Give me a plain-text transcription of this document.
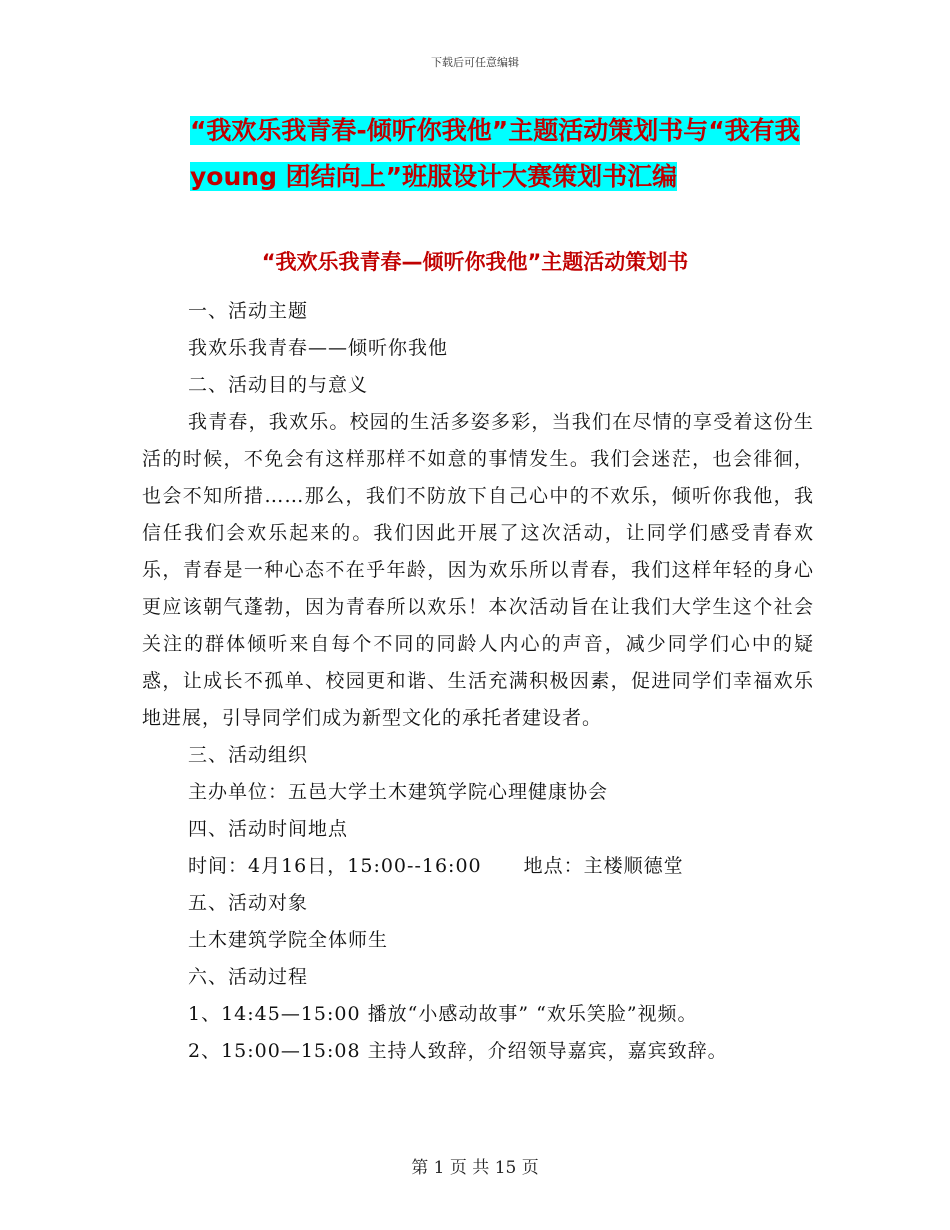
下载后可任意编辑
“我欢乐我青春-倾听你我他”主题活动策划书与“我有我young 团结向上”班服设计大赛策划书汇编
“我欢乐我青春—倾听你我他”主题活动策划书

一、活动主题

我欢乐我青春——倾听你我他

二、活动目的与意义

我青春，我欢乐。校园的生活多姿多彩，当我们在尽情的享受着这份生活的时候，不免会有这样那样不如意的事情发生。我们会迷茫，也会徘徊，也会不知所措……那么，我们不防放下自己心中的不欢乐，倾听你我他，我信任我们会欢乐起来的。我们因此开展了这次活动，让同学们感受青春欢乐，青春是一种心态不在乎年龄，因为欢乐所以青春，我们这样年轻的身心更应该朝气蓬勃，因为青春所以欢乐！本次活动旨在让我们大学生这个社会关注的群体倾听来自每个不同的同龄人内心的声音，减少同学们心中的疑惑，让成长不孤单、校园更和谐、生活充满积极因素，促进同学们幸福欢乐地进展，引导同学们成为新型文化的承托者建设者。

三、活动组织

主办单位：五邑大学土木建筑学院心理健康协会

四、活动时间地点

时间：4月16日，15:00--16:00 地点：主楼顺德堂

五、活动对象

土木建筑学院全体师生

六、活动过程

1、14:45—15:00 播放“小感动故事” “欢乐笑脸”视频。

2、15:00—15:08 主持人致辞，介绍领导嘉宾，嘉宾致辞。

第 1 页 共 15 页
